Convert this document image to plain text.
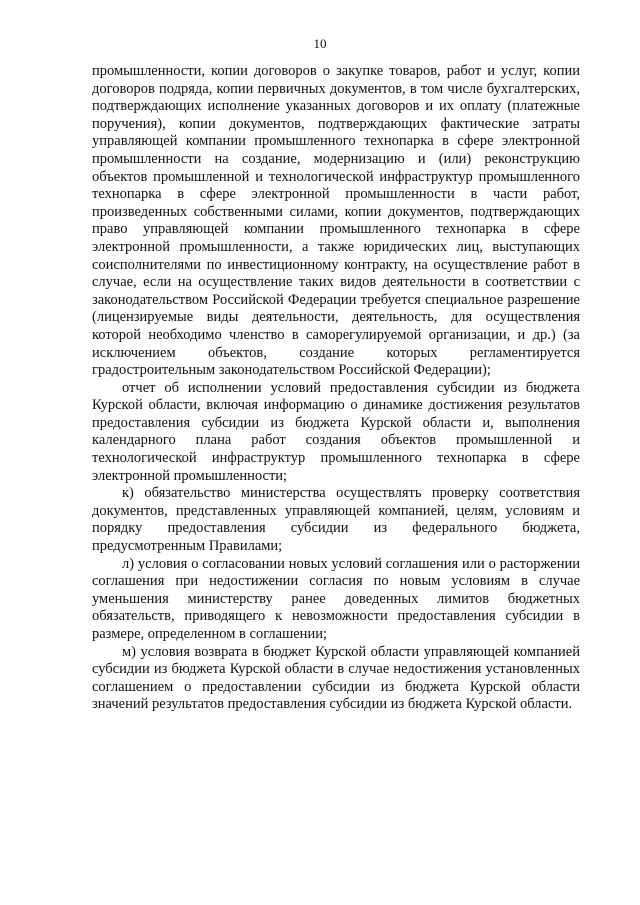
10

промышленности, копии договоров о закупке товаров, работ и услуг, копии договоров подряда, копии первичных документов, в том числе бухгалтерских, подтверждающих исполнение указанных договоров и их оплату (платежные поручения), копии документов, подтверждающих фактические затраты управляющей компании промышленного технопарка в сфере электронной промышленности на создание, модернизацию и (или) реконструкцию объектов промышленной и технологической инфраструктур промышленного технопарка в сфере электронной промышленности в части работ, произведенных собственными силами, копии документов, подтверждающих право управляющей компании промышленного технопарка в сфере электронной промышленности, а также юридических лиц, выступающих соисполнителями по инвестиционному контракту, на осуществление работ в случае, если на осуществление таких видов деятельности в соответствии с законодательством Российской Федерации требуется специальное разрешение (лицензируемые виды деятельности, деятельность, для осуществления которой необходимо членство в саморегулируемой организации, и др.) (за исключением объектов, создание которых регламентируется градостроительным законодательством Российской Федерации);

отчет об исполнении условий предоставления субсидии из бюджета Курской области, включая информацию о динамике достижения результатов предоставления субсидии из бюджета Курской области и, выполнения календарного плана работ создания объектов промышленной и технологической инфраструктур промышленного технопарка в сфере электронной промышленности;

к) обязательство министерства осуществлять проверку соответствия документов, представленных управляющей компанией, целям, условиям и порядку предоставления субсидии из федерального бюджета, предусмотренным Правилами;

л) условия о согласовании новых условий соглашения или о расторжении соглашения при недостижении согласия по новым условиям в случае уменьшения министерству ранее доведенных лимитов бюджетных обязательств, приводящего к невозможности предоставления субсидии в размере, определенном в соглашении;

м) условия возврата в бюджет Курской области управляющей компанией субсидии из бюджета Курской области в случае недостижения установленных соглашением о предоставлении субсидии из бюджета Курской области значений результатов предоставления субсидии из бюджета Курской области.
